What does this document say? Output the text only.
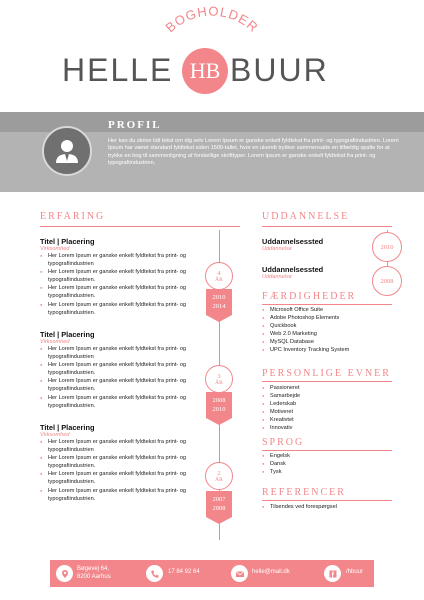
BOGHOLDER
HELLE HB BUUR
PROFIL
Her kan du skrive lidt tekst om dig selv Lorem Ipsum er ganske enkelt fyldtekst fra print- og typografiindustrien. Lorem Ipsum har været standard fyldtekst siden 1500-tallet, hvor en ukendt trykker sammensatte en tilfældig spalte for at trykke en bog til sammenligning af forskellige skrifttyper. Lorem Ipsum er ganske enkelt fyldtekst fra print- og typografiindustrien.
ERFARING
Titel | Placering
Virksomhed
● Her Lorem Ipsum er ganske enkelt fyldtekst fra print- og typografiindustrien
● Her Lorem Ipsum er ganske enkelt fyldtekst fra print- og typografiindustrien.
● Her Lorem Ipsum er ganske enkelt fyldtekst fra print- og typografiindustrien.
● Her Lorem Ipsum er ganske enkelt fyldtekst fra print- og typografiindustrien.
4
ÅR
2010
2014
Titel | Placering
Virksomhed
● Her Lorem Ipsum er ganske enkelt fyldtekst fra print- og typografiindustrien
● Her Lorem Ipsum er ganske enkelt fyldtekst fra print- og typografiindustrien.
● Her Lorem Ipsum er ganske enkelt fyldtekst fra print- og typografiindustrien.
● Her Lorem Ipsum er ganske enkelt fyldtekst fra print- og typografiindustrien.
3
ÅR
2008
2010
Titel | Placering
Virksomhed
● Her Lorem Ipsum er ganske enkelt fyldtekst fra print- og typografiindustrien
● Her Lorem Ipsum er ganske enkelt fyldtekst fra print- og typografiindustrien.
● Her Lorem Ipsum er ganske enkelt fyldtekst fra print- og typografiindustrien.
● Her Lorem Ipsum er ganske enkelt fyldtekst fra print- og typografiindustrien.
2
ÅR
2007
2008
UDDANNELSE
Uddannelsessted
Uddannelse
Uddannelsessted
Uddannelse
2010
2008
FÆRDIGHEDER
● Microsoft Office Suite
● Adobe Photoshop Elements
● Quickbook
● Web 2.0 Marketing
● MySQL Database
● UPC Inventory Tracking System
PERSONLIGE EVNER
● Passioneret
● Samarbejde
● Lederskab
● Motiveret
● Kreativtet
● Innovativ
SPROG
● Engelsk
● Dansk
● Tysk
REFERENCER
● Tilsendes ved forespørgsel
Bøgevej 64,
8200 Aarhus
17 84 92 64	helle@mail.dk	/hbuur
